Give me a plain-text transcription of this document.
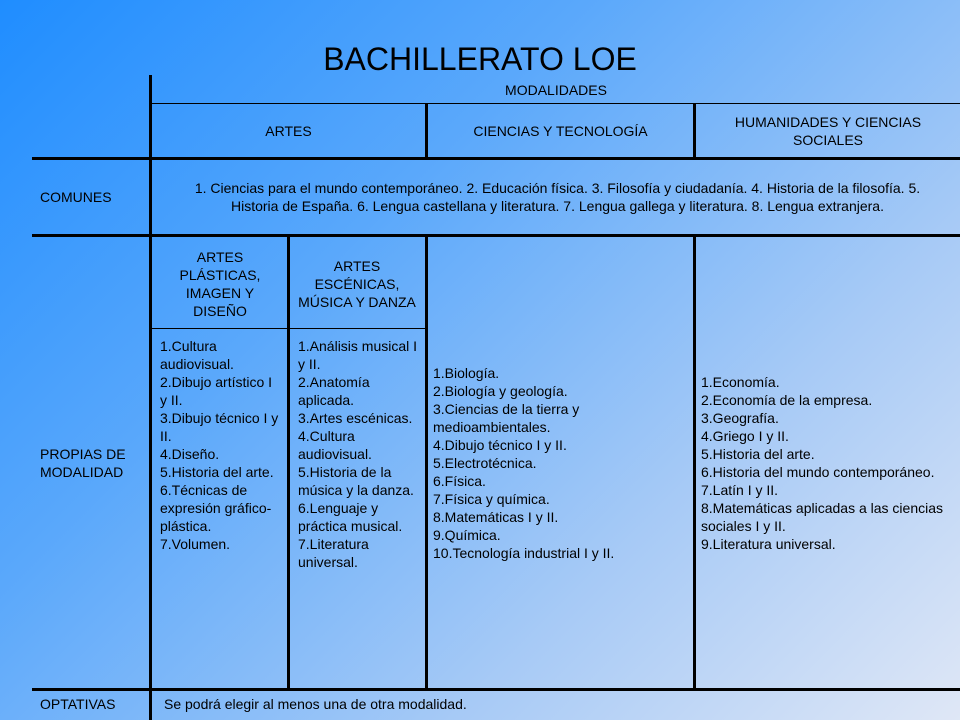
BACHILLERATO LOE
MODALIDADES
ARTES	CIENCIAS Y TECNOLOGÍA
HUMANIDADES Y CIENCIAS SOCIALES
COMUNES
1. Ciencias para el mundo contemporáneo. 2. Educación física. 3. Filosofía y ciudadanía. 4. Historia de la filosofía. 5. Historia de España. 6. Lengua castellana y literatura. 7. Lengua gallega y literatura. 8. Lengua extranjera.
PROPIAS DE MODALIDAD
ARTES PLÁSTICAS, IMAGEN Y DISEÑO
ARTES ESCÉNICAS, MÚSICA Y DANZA
1.Cultura audiovisual.
2.Dibujo artístico I y II.
3.Dibujo técnico I y II.
4.Diseño.
5.Historia del arte.
6.Técnicas de expresión gráfico-plástica.
7.Volumen.
1.Análisis musical I y II.
2.Anatomía aplicada.
3.Artes escénicas.
4.Cultura audiovisual.
5.Historia de la música y la danza.
6.Lenguaje y práctica musical.
7.Literatura universal.
1.Biología.
2.Biología y geología.
3.Ciencias de la tierra y medioambientales.
4.Dibujo técnico I y II.
5.Electrotécnica.
6.Física.
7.Física y química.
8.Matemáticas I y II.
9.Química.
10.Tecnología industrial I y II.
1.Economía.
2.Economía de la empresa.
3.Geografía.
4.Griego I y II.
5.Historia del arte.
6.Historia del mundo contemporáneo.
7.Latín I y II.
8.Matemáticas aplicadas a las ciencias sociales I y II.
9.Literatura universal.
OPTATIVAS	Se podrá elegir al menos una de otra modalidad.
